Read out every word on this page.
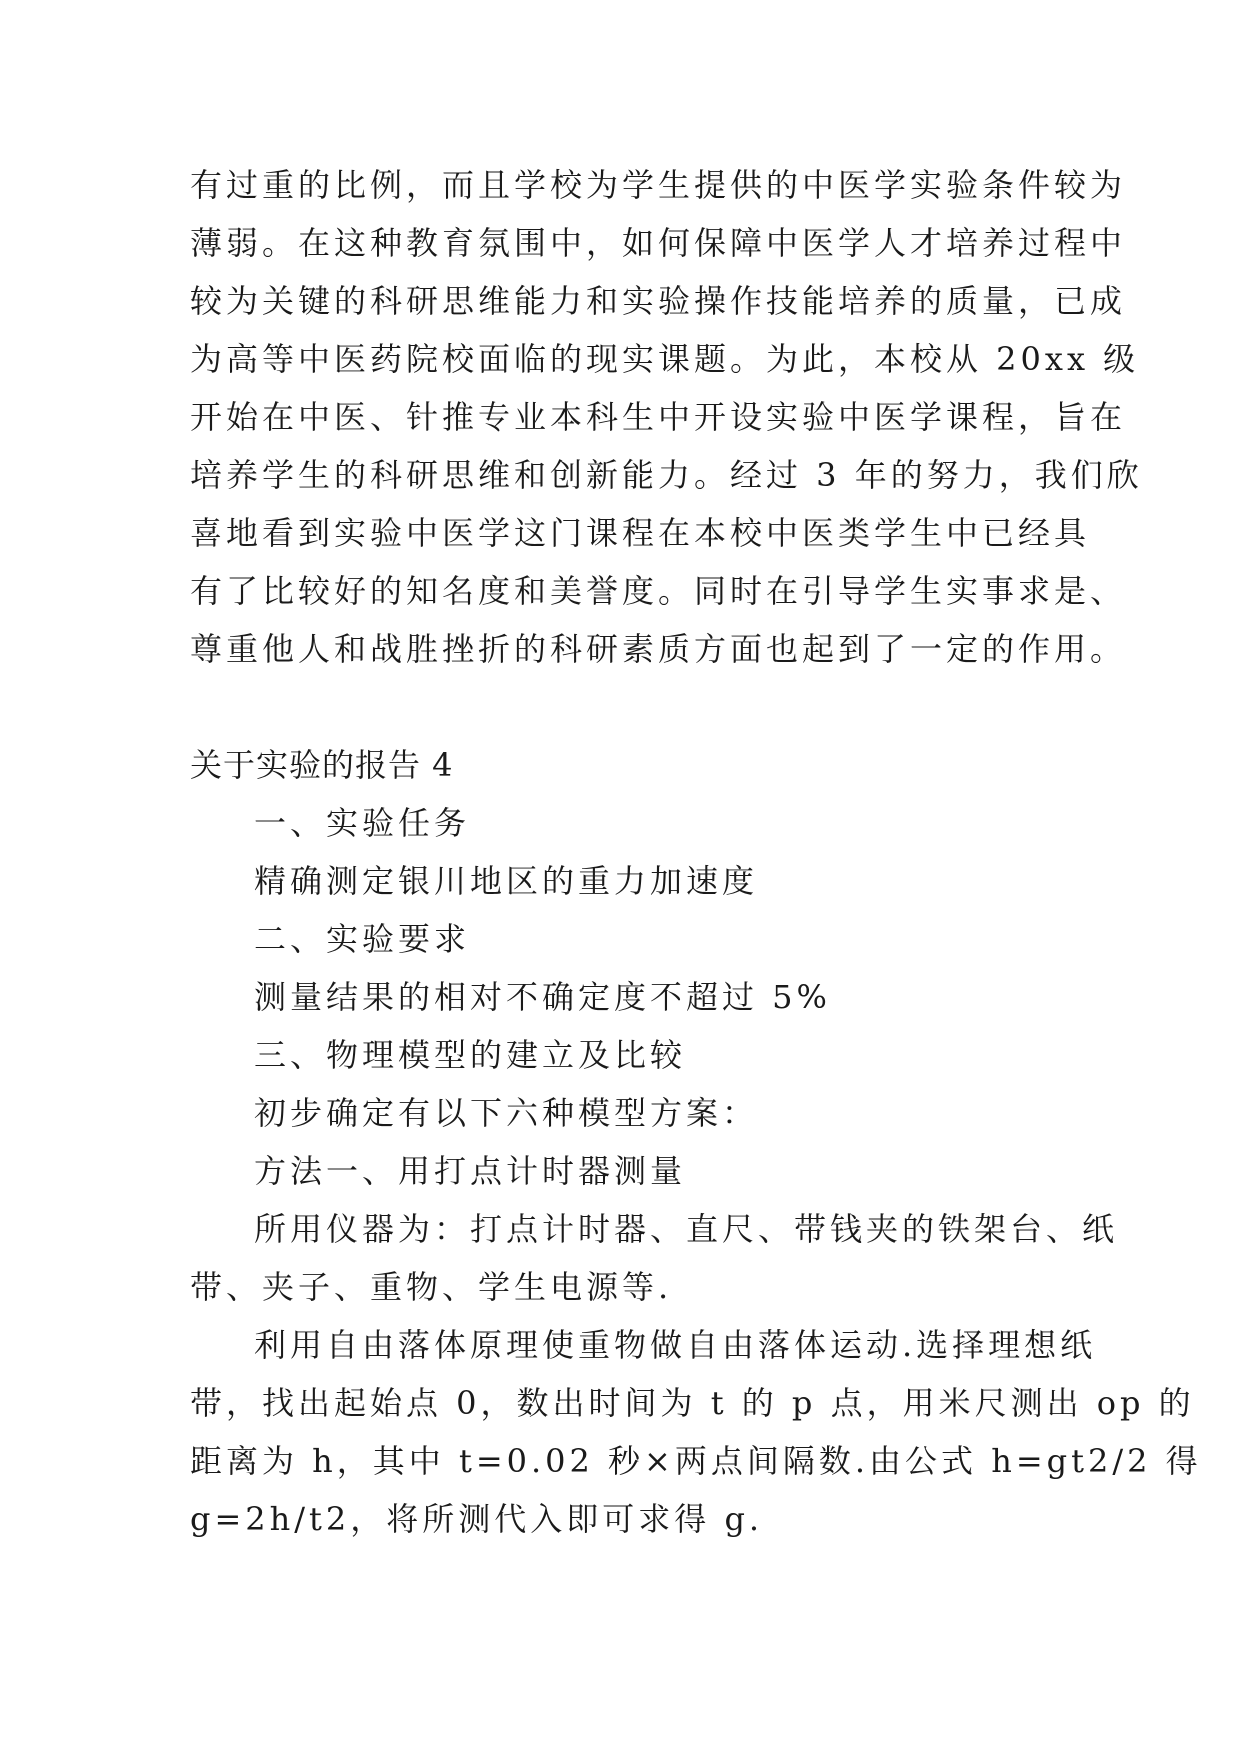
有过重的比例，而且学校为学生提供的中医学实验条件较为
薄弱。在这种教育氛围中，如何保障中医学人才培养过程中
较为关键的科研思维能力和实验操作技能培养的质量，已成
为高等中医药院校面临的现实课题。为此，本校从 20xx 级
开始在中医、针推专业本科生中开设实验中医学课程，旨在
培养学生的科研思维和创新能力。经过 3 年的努力，我们欣
喜地看到实验中医学这门课程在本校中医类学生中已经具
有了比较好的知名度和美誉度。同时在引导学生实事求是、
尊重他人和战胜挫折的科研素质方面也起到了一定的作用。
关于实验的报告 4
一、实验任务
精确测定银川地区的重力加速度
二、实验要求
测量结果的相对不确定度不超过 5%
三、物理模型的建立及比较
初步确定有以下六种模型方案：
方法一、用打点计时器测量
所用仪器为：打点计时器、直尺、带钱夹的铁架台、纸
带、夹子、重物、学生电源等.
利用自由落体原理使重物做自由落体运动.选择理想纸
带，找出起始点 0，数出时间为 t 的 p 点，用米尺测出 op 的
距离为 h，其中 t=0.02 秒×两点间隔数.由公式 h=gt2/2 得
g=2h/t2，将所测代入即可求得 g.
